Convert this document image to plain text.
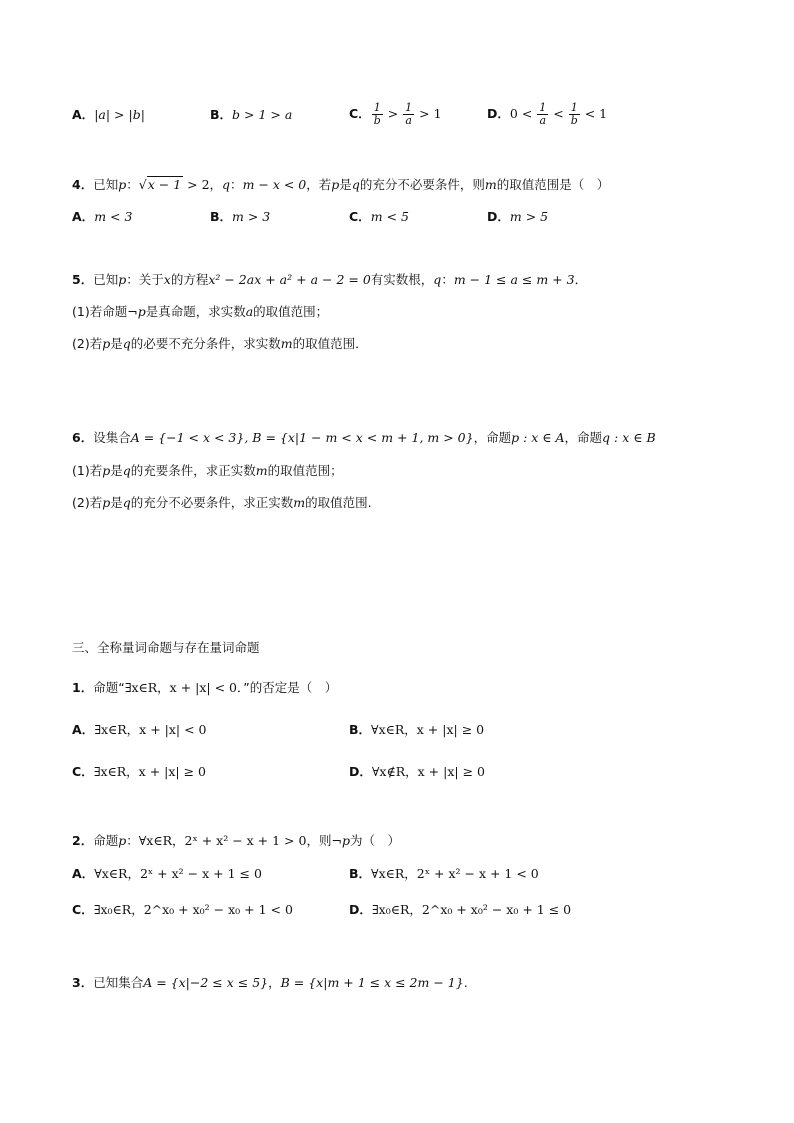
A．|a| > |b|	B．b > 1 > a	C． $\frac{1}{b} > \frac{1}{a} > 1$	D．$0 < \frac{1}{a} < \frac{1}{b} < 1$
4．已知p：√x − 1 > 2，q：m − x < 0，若p是q的充分不必要条件，则m的取值范围是（　）
A．m < 3	B．m > 3	C．m < 5	D．m > 5
5．已知p：关于x的方程x² − 2ax + a² + a − 2 = 0有实数根，q：m − 1 ≤ a ≤ m + 3．
(1)若命题¬p是真命题，求实数a的取值范围；
(2)若p是q的必要不充分条件，求实数m的取值范围．
6．设集合A = {−1 < x < 3}, B = {x|1 − m < x < m + 1, m > 0}，命题p : x ∈ A，命题q : x ∈ B
(1)若p是q的充要条件，求正实数m的取值范围；
(2)若p是q的充分不必要条件，求正实数m的取值范围.
三、全称量词命题与存在量词命题
1．命题“∃x∈R，x + |x| < 0．”的否定是（　）
A．∃x∈R，x + |x| < 0	B．∀x∈R，x + |x| ≥ 0
C．∃x∈R，x + |x| ≥ 0	D．∀x∉R，x + |x| ≥ 0
2．命题p：∀x∈R，2ˣ + x² − x + 1 > 0，则¬p为（　）
A．∀x∈R，2ˣ + x² − x + 1 ≤ 0	B．∀x∈R，2ˣ + x² − x + 1 < 0
C．∃x₀∈R，2^x₀ + x₀² − x₀ + 1 < 0	D．∃x₀∈R，2^x₀ + x₀² − x₀ + 1 ≤ 0
3．已知集合A = {x|−2 ≤ x ≤ 5}，B = {x|m + 1 ≤ x ≤ 2m − 1}.
